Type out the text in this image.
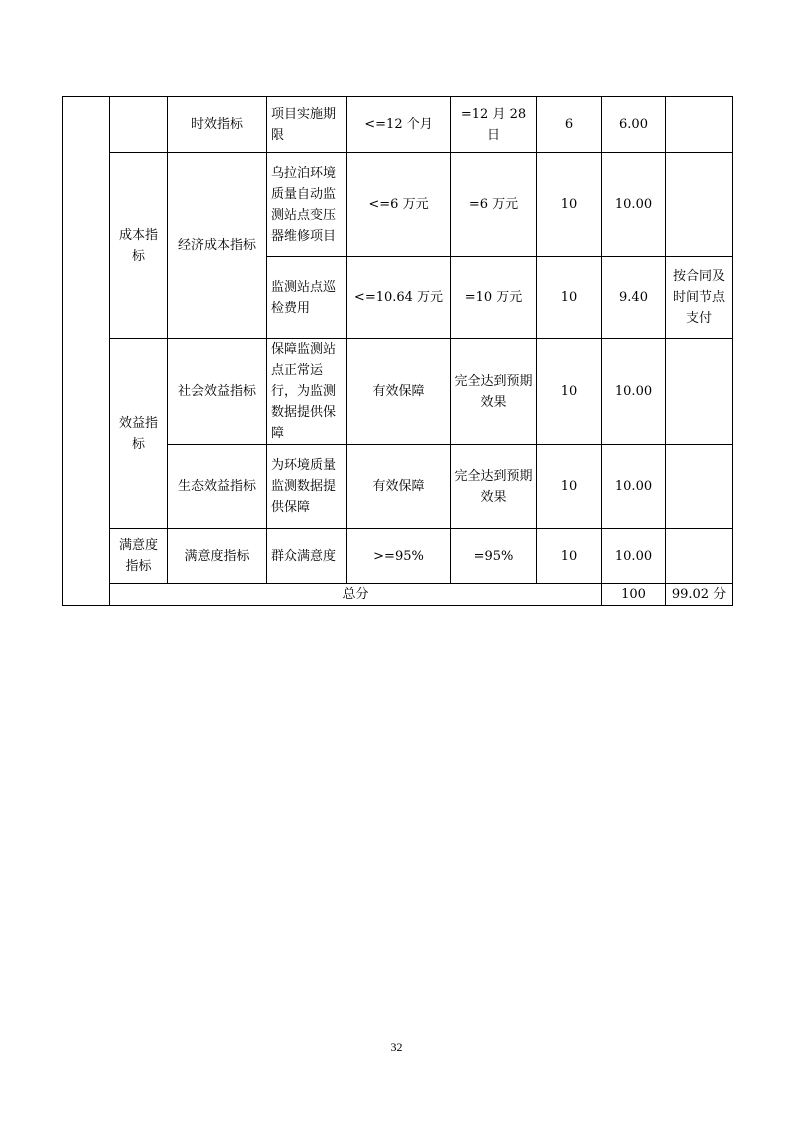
		时效指标	项目实施期限	<=12 个月	=12 月 28 日	6	6.00		
	成本指标	经济成本指标	乌拉泊环境质量自动监测站点变压器维修项目	<=6 万元	=6 万元	10	10.00		
			监测站点巡检费用	<=10.64 万元	=10 万元	10	9.40	按合同及时间节点支付	
	效益指标	社会效益指标	保障监测站点正常运行，为监测数据提供保障	有效保障	完全达到预期效果	10	10.00		
		生态效益指标	为环境质量监测数据提供保障	有效保障	完全达到预期效果	10	10.00		
	满意度指标	满意度指标	群众满意度	>=95%	=95%	10	10.00		
	总分						100	99.02 分	
32
